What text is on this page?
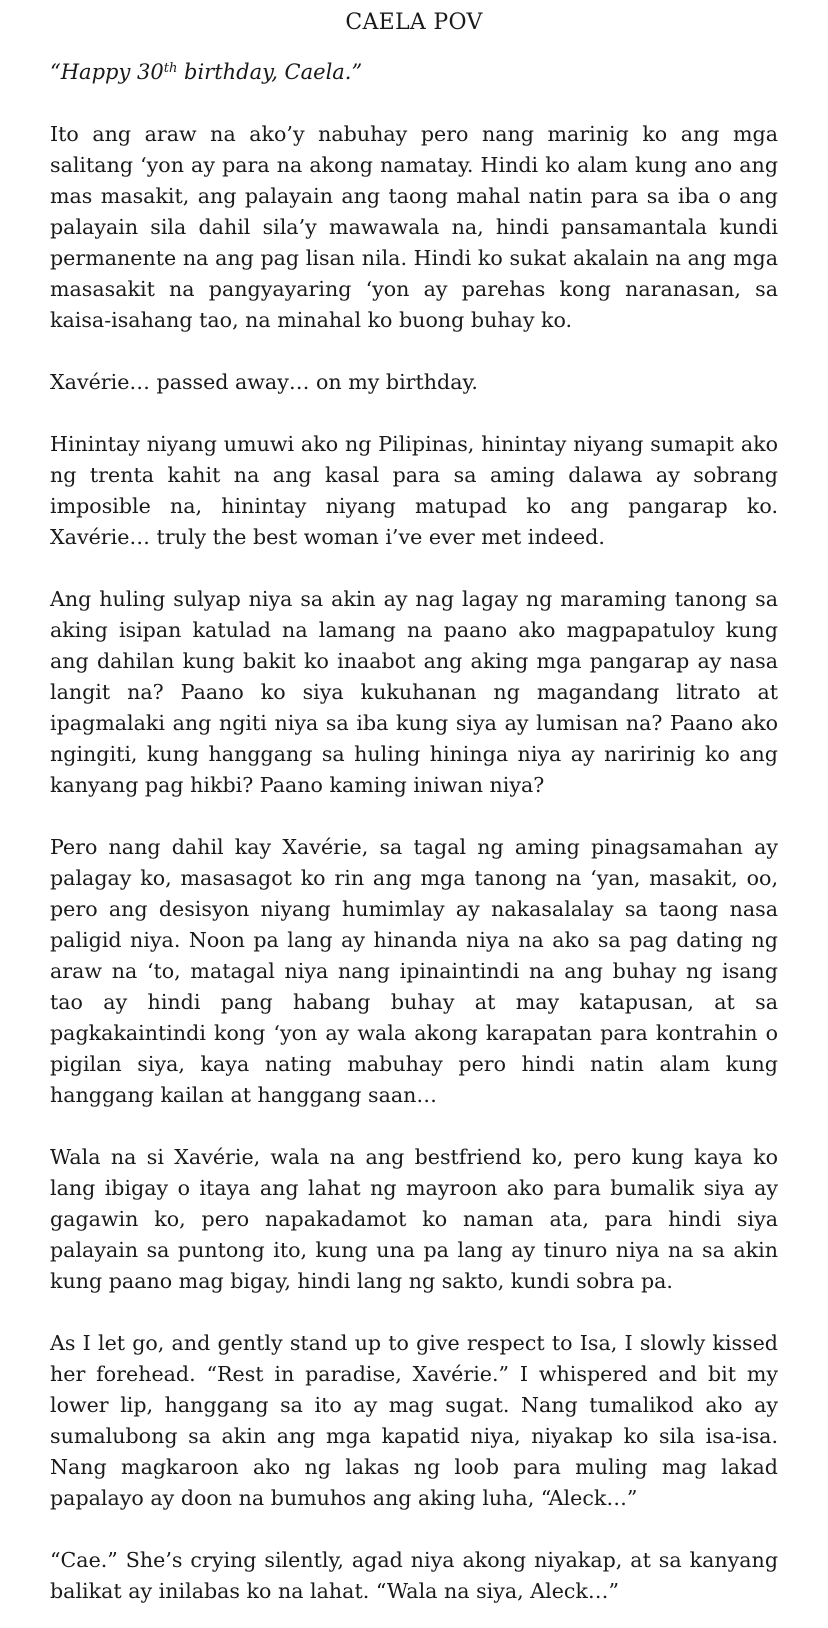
CAELA POV

“Happy 30th birthday, Caela.”

Ito ang araw na ako’y nabuhay pero nang marinig ko ang mga salitang ‘yon ay para na akong namatay. Hindi ko alam kung ano ang mas masakit, ang palayain ang taong mahal natin para sa iba o ang palayain sila dahil sila’y mawawala na, hindi pansamantala kundi permanente na ang pag lisan nila. Hindi ko sukat akalain na ang mga masasakit na pangyayaring ‘yon ay parehas kong naranasan, sa kaisa-isahang tao, na minahal ko buong buhay ko.

Xavérie… passed away… on my birthday.

Hinintay niyang umuwi ako ng Pilipinas, hinintay niyang sumapit ako ng trenta kahit na ang kasal para sa aming dalawa ay sobrang imposible na, hinintay niyang matupad ko ang pangarap ko. Xavérie… truly the best woman i’ve ever met indeed.

Ang huling sulyap niya sa akin ay nag lagay ng maraming tanong sa aking isipan katulad na lamang na paano ako magpapatuloy kung ang dahilan kung bakit ko inaabot ang aking mga pangarap ay nasa langit na? Paano ko siya kukuhanan ng magandang litrato at ipagmalaki ang ngiti niya sa iba kung siya ay lumisan na? Paano ako ngingiti, kung hanggang sa huling hininga niya ay naririnig ko ang kanyang pag hikbi? Paano kaming iniwan niya?

Pero nang dahil kay Xavérie, sa tagal ng aming pinagsamahan ay palagay ko, masasagot ko rin ang mga tanong na ‘yan, masakit, oo, pero ang desisyon niyang humimlay ay nakasalalay sa taong nasa paligid niya. Noon pa lang ay hinanda niya na ako sa pag dating ng araw na ‘to, matagal niya nang ipinaintindi na ang buhay ng isang tao ay hindi pang habang buhay at may katapusan, at sa pagkakaintindi kong ‘yon ay wala akong karapatan para kontrahin o pigilan siya, kaya nating mabuhay pero hindi natin alam kung hanggang kailan at hanggang saan…

Wala na si Xavérie, wala na ang bestfriend ko, pero kung kaya ko lang ibigay o itaya ang lahat ng mayroon ako para bumalik siya ay gagawin ko, pero napakadamot ko naman ata, para hindi siya palayain sa puntong ito, kung una pa lang ay tinuro niya na sa akin kung paano mag bigay, hindi lang ng sakto, kundi sobra pa.

As I let go, and gently stand up to give respect to Isa, I slowly kissed her forehead. “Rest in paradise, Xavérie.” I whispered and bit my lower lip, hanggang sa ito ay mag sugat. Nang tumalikod ako ay sumalubong sa akin ang mga kapatid niya, niyakap ko sila isa-isa. Nang magkaroon ako ng lakas ng loob para muling mag lakad papalayo ay doon na bumuhos ang aking luha, “Aleck…”

“Cae.” She’s crying silently, agad niya akong niyakap, at sa kanyang balikat ay inilabas ko na lahat. “Wala na siya, Aleck…”
